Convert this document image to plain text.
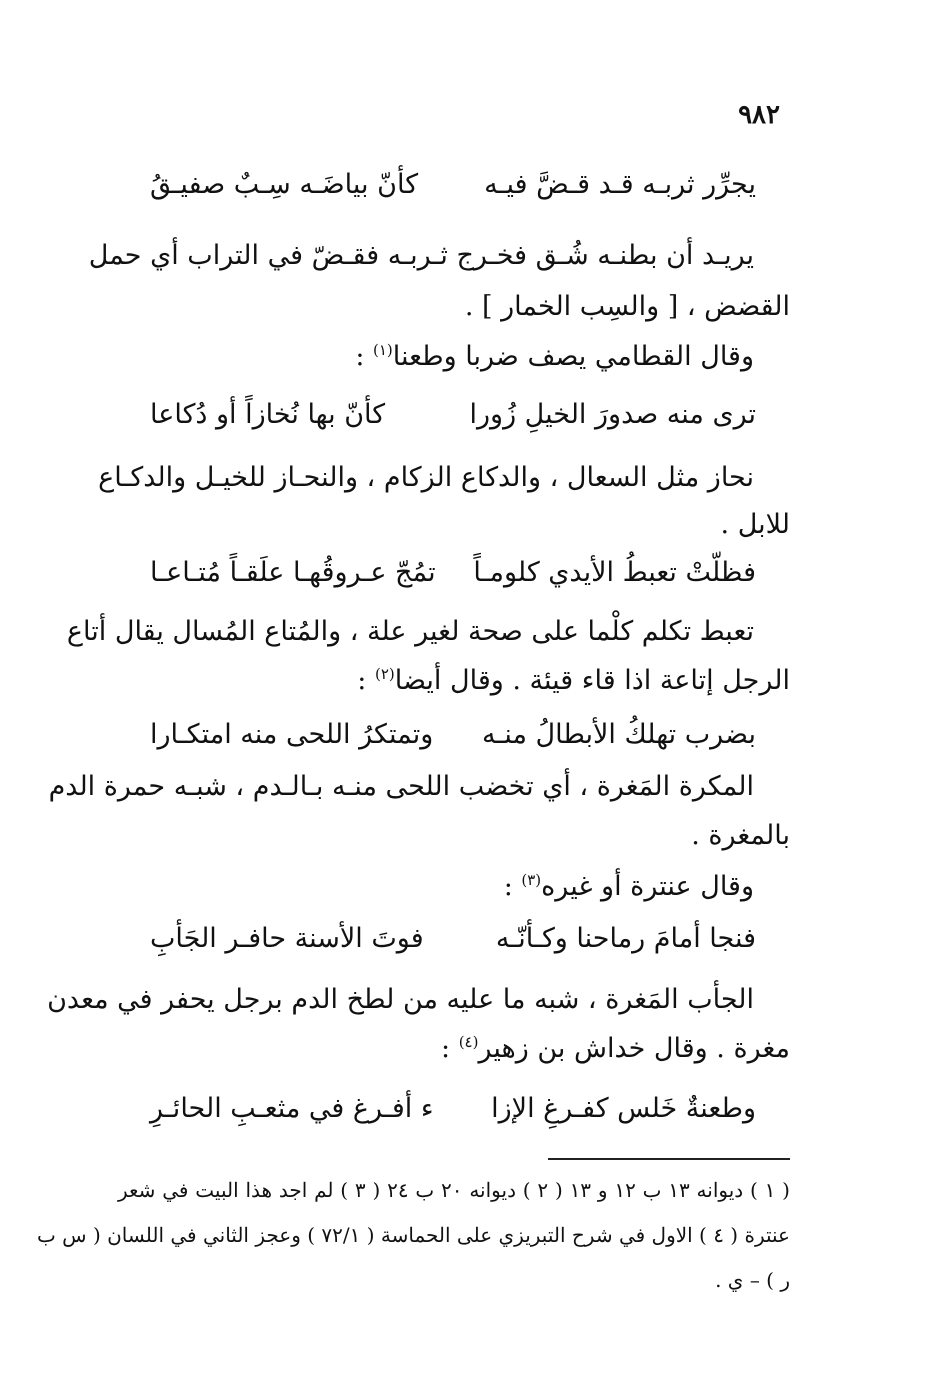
٩٨٢
يجرِّر ثربـه قـد قـضَّ فيـه
كأنّ بياضَـه سِـبٌ صفيـقُ
يريـد أن بطنـه شُـق فخـرج ثـربـه فقـضّ في التراب أي حمل
القضض ، [ والسِب الخمار ] .
وقال القطامي يصف ضربا وطعنا$^{(١)}$ :
ترى منه صدورَ الخيلِ زُورا
كأنّ بها نُخازاً أو دُكاعا
نحاز مثل السعال ، والدكاع الزكام ، والنحـاز للخيـل والدكـاع
للابل .
فظلّتْ تعبطُ الأيدي كلومـاً
تمُجّ عـروقُهـا علَقـاً مُتـاعـا
تعبط تكلم كلْما على صحة لغير علة ، والمُتاع المُسال يقال أتاع
الرجل إتاعة اذا قاء قيئة . وقال أيضا$^{(٢)}$ :
بضرب تهلكُ الأبطالُ منـه
وتمتكرُ اللحى منه امتكـارا
المكرة المَغرة ، أي تخضب اللحى منـه بـالـدم ، شبـه حمرة الدم
بالمغرة .
وقال عنترة أو غيره$^{(٣)}$ :
فنجا أمامَ رماحنا وكـأنّـه
فوتَ الأسنة حافـر الجَأبِ
الجأب المَغرة ، شبه ما عليه من لطخ الدم برجل يحفر في معدن
مغرة . وقال خداش بن زهير$^{(٤)}$ :
وطعنةٌ خَلس كفـرغِ الإزا
ء أفـرغ في مثعـبِ الحائـرِ
( ١ ) ديوانه ١٣ ب ١٢ و ١٣ ( ٢ ) ديوانه ٢٠ ب ٢٤ ( ٣ ) لم اجد هذا البيت في شعر
عنترة ( ٤ ) الاول في شرح التبريزي على الحماسة ( ٧٢/١ ) وعجز الثاني في اللسان ( س ب
ر ) – ي .
